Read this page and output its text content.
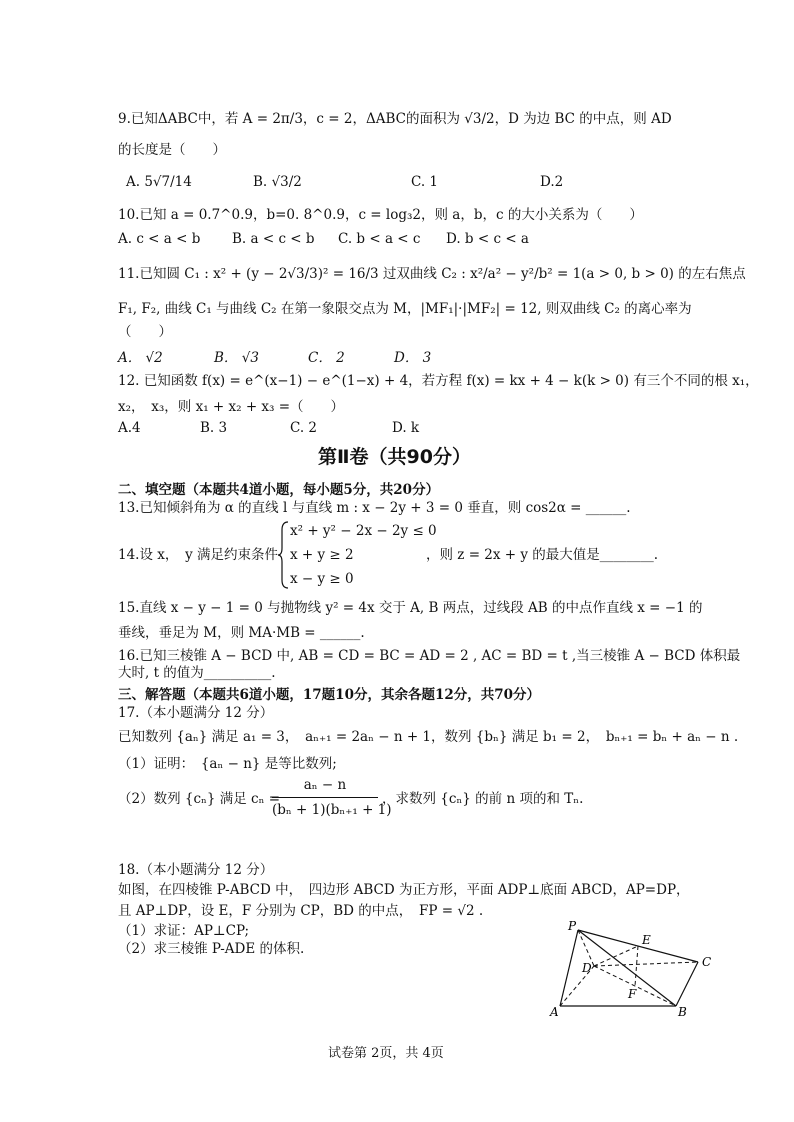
9.已知ΔABC中，若 A = 2π/3，c = 2，ΔABC的面积为 √3/2，D 为边 BC 的中点，则 AD
的长度是（　　）
A. 5√7/14	B. √3/2	C. 1	D.2
10.已知 a = 0.7^0.9，b=0. 8^0.9，c = log₃2，则 a，b，c 的大小关系为（　　）
A. c < a < b B. a < c < b C. b < a < c D. b < c < a
11.已知圆 C₁ : x² + (y − 2√3/3)² = 16/3 过双曲线 C₂ : x²/a² − y²/b² = 1(a > 0, b > 0) 的左右焦点
F₁, F₂, 曲线 C₁ 与曲线 C₂ 在第一象限交点为 M，|MF₁|·|MF₂| = 12, 则双曲线 C₂ 的离心率为
（　　）
A． √2	B． √3	C． 2	D． 3
12. 已知函数 f(x) = e^(x−1) − e^(1−x) + 4，若方程 f(x) = kx + 4 − k(k > 0) 有三个不同的根 x₁，
x₂，　x₃，则 x₁ + x₂ + x₃ =（　　）
A.4	B. 3	C. 2	D. k
第Ⅱ卷（共90分）
二、填空题（本题共4道小题，每小题5分，共20分）
13.已知倾斜角为 α 的直线 l 与直线 m : x − 2y + 3 = 0 垂直，则 cos2α = ______.
14.设 x，　y 满足约束条件
x² + y² − 2x − 2y ≤ 0
x + y ≥ 2
x − y ≥ 0
，则 z = 2x + y 的最大值是________.
15.直线 x − y − 1 = 0 与抛物线 y² = 4x 交于 A, B 两点，过线段 AB 的中点作直线 x = −1 的
垂线，垂足为 M，则 MA·MB = ______.
16.已知三棱锥 A − BCD 中, AB = CD = BC = AD = 2 , AC = BD = t ,当三棱锥 A − BCD 体积最
大时, t 的值为__________.
三、解答题（本题共6道小题，17题10分，其余各题12分，共70分）
17.（本小题满分 12 分）
已知数列 {aₙ} 满足 a₁ = 3，　aₙ₊₁ = 2aₙ − n + 1，数列 {bₙ} 满足 b₁ = 2，　bₙ₊₁ = bₙ + aₙ − n .
（1）证明：　{aₙ − n} 是等比数列;
（2）数列 {cₙ} 满足 cₙ =
aₙ − n
(bₙ + 1)(bₙ₊₁ + 1)
，求数列 {cₙ} 的前 n 项的和 Tₙ.
18.（本小题满分 12 分）
如图，在四棱锥 P-ABCD 中，　四边形 ABCD 为正方形，平面 ADP⊥底面 ABCD，AP=DP，
且 AP⊥DP，设 E，F 分别为 CP，BD 的中点，　FP = √2 .
（1）求证：AP⊥CP;
（2）求三棱锥 P-ADE 的体积.
P
E
D	C
F
A	B
试卷第 2页，共 4页
